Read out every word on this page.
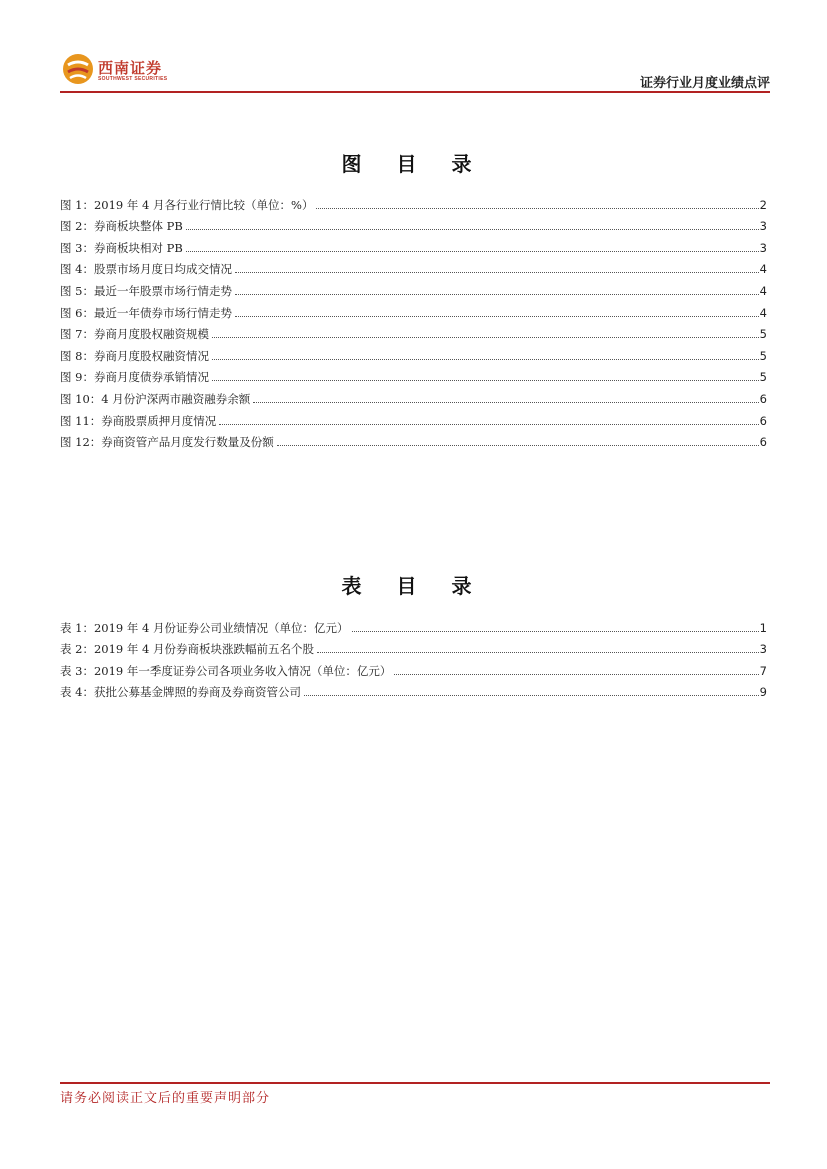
西南证券
SOUTHWEST SECURITIES	证券行业月度业绩点评
图 目 录
图 1：2019 年 4 月各行业行情比较（单位：%）	2
图 2：券商板块整体 PB	3
图 3：券商板块相对 PB	3
图 4：股票市场月度日均成交情况	4
图 5：最近一年股票市场行情走势	4
图 6：最近一年债券市场行情走势	4
图 7：券商月度股权融资规模	5
图 8：券商月度股权融资情况	5
图 9：券商月度债券承销情况	5
图 10：4 月份沪深两市融资融券余额	6
图 11：券商股票质押月度情况	6
图 12：券商资管产品月度发行数量及份额	6
表 目 录
表 1：2019 年 4 月份证券公司业绩情况（单位：亿元）	1
表 2：2019 年 4 月份券商板块涨跌幅前五名个股	3
表 3：2019 年一季度证券公司各项业务收入情况（单位：亿元）	7
表 4：获批公募基金牌照的券商及券商资管公司	9
请务必阅读正文后的重要声明部分
